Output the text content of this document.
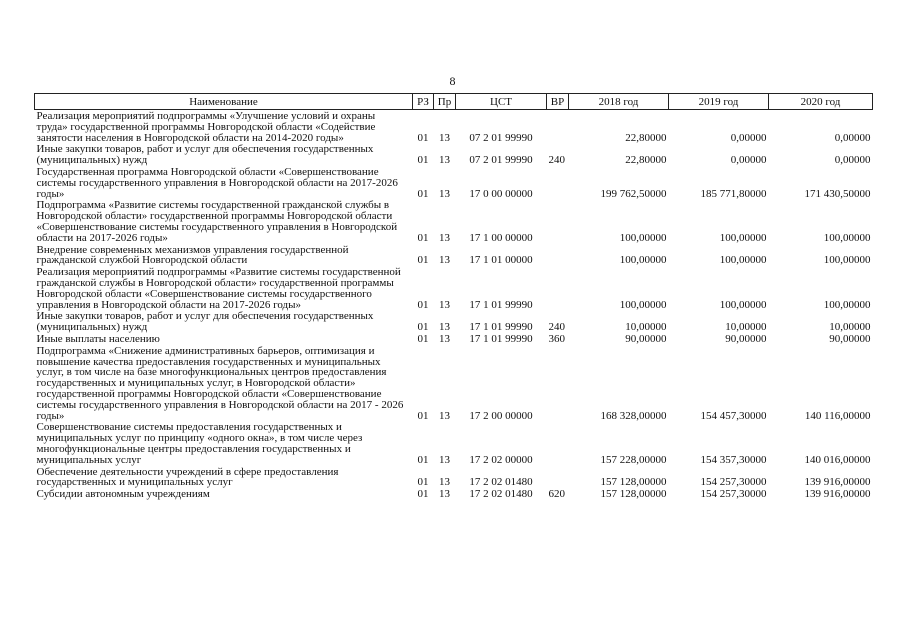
8
Наименование	РЗ	Пр	ЦСТ	ВР	2018 год	2019 год	2020 год
Реализация мероприятий подпрограммы «Улучшение условий и охраны труда» государственной программы Новгородской области «Содействие занятости населения в Новгородской области на 2014-2020 годы»	01	13	07 2 01 99990		22,80000	0,00000	0,00000
Иные закупки товаров, работ и услуг для обеспечения государственных (муниципальных) нужд	01	13	07 2 01 99990	240	22,80000	0,00000	0,00000
Государственная программа Новгородской области «Совершенствование системы государственного управления в Новгородской области на 2017-2026 годы»	01	13	17 0 00 00000		199 762,50000	185 771,80000	171 430,50000
Подпрограмма «Развитие системы государственной гражданской службы в Новгородской области» государственной программы Новгородской области «Совершенствование системы государственного управления в Новгородской области на 2017-2026 годы»	01	13	17 1 00 00000		100,00000	100,00000	100,00000
Внедрение современных механизмов управления государственной гражданской службой Новгородской области	01	13	17 1 01 00000		100,00000	100,00000	100,00000
Реализация мероприятий подпрограммы «Развитие системы государственной гражданской службы в Новгородской области» государственной программы Новгородской области «Совершенствование системы государственного управления в Новгородской области на 2017-2026 годы»	01	13	17 1 01 99990		100,00000	100,00000	100,00000
Иные закупки товаров, работ и услуг для обеспечения государственных (муниципальных) нужд	01	13	17 1 01 99990	240	10,00000	10,00000	10,00000
Иные выплаты населению	01	13	17 1 01 99990	360	90,00000	90,00000	90,00000
Подпрограмма «Снижение административных барьеров, оптимизация и повышение качества предоставления государственных и муниципальных услуг, в том числе на базе многофункциональных центров предоставления государственных и муниципальных услуг, в Новгородской области» государственной программы Новгородской области «Совершенствование системы государственного управления в Новгородской области на 2017 - 2026 годы»	01	13	17 2 00 00000		168 328,00000	154 457,30000	140 116,00000
Совершенствование системы предоставления государственных и муниципальных услуг по принципу «одного окна», в том числе через многофункциональные центры предоставления государственных и муниципальных услуг	01	13	17 2 02 00000		157 228,00000	154 357,30000	140 016,00000
Обеспечение деятельности учреждений в сфере предоставления государственных и муниципальных услуг	01	13	17 2 02 01480		157 128,00000	154 257,30000	139 916,00000
Субсидии автономным учреждениям	01	13	17 2 02 01480	620	157 128,00000	154 257,30000	139 916,00000
